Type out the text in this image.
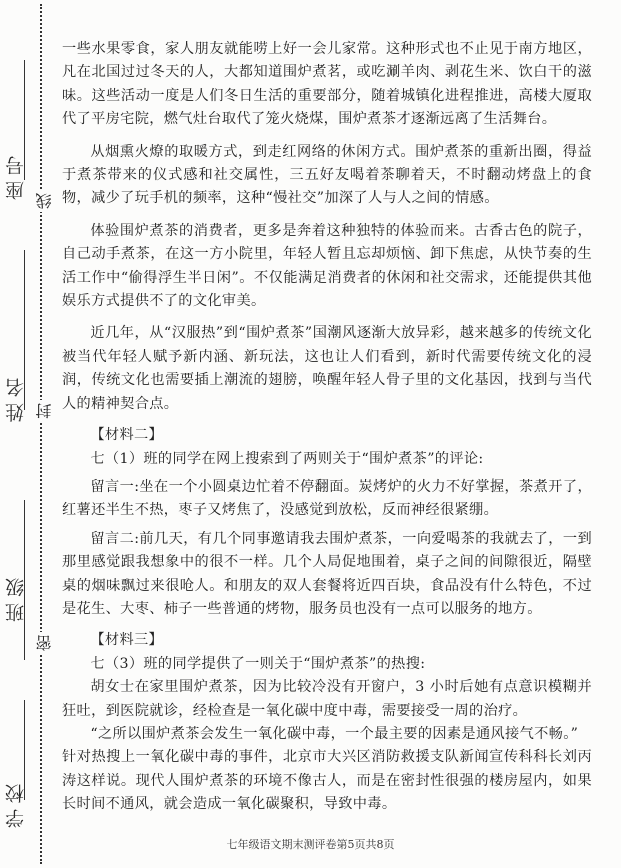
座号
姓名
班级
学校
线
封
密

一些水果零食，家人朋友就能唠上好一会儿家常。这种形式也不止见于南方地区，凡在北国过过冬天的人，大都知道围炉煮茗，或吃涮羊肉、剥花生米、饮白干的滋味。这些活动一度是人们冬日生活的重要部分，随着城镇化进程推进，高楼大厦取代了平房宅院，燃气灶台取代了笼火烧煤，围炉煮茶才逐渐远离了生活舞台。

从烟熏火燎的取暖方式，到走红网络的休闲方式。围炉煮茶的重新出圈，得益于煮茶带来的仪式感和社交属性，三五好友喝着茶聊着天，不时翻动烤盘上的食物，减少了玩手机的频率，这种“慢社交”加深了人与人之间的情感。

体验围炉煮茶的消费者，更多是奔着这种独特的体验而来。古香古色的院子，自己动手煮茶，在这一方小院里，年轻人暂且忘却烦恼、卸下焦虑，从快节奏的生活工作中“偷得浮生半日闲”。不仅能满足消费者的休闲和社交需求，还能提供其他娱乐方式提供不了的文化审美。

近几年，从“汉服热”到“围炉煮茶”国潮风逐渐大放异彩，越来越多的传统文化被当代年轻人赋予新内涵、新玩法，这也让人们看到，新时代需要传统文化的浸润，传统文化也需要插上潮流的翅膀，唤醒年轻人骨子里的文化基因，找到与当代人的精神契合点。

【材料二】

七（1）班的同学在网上搜索到了两则关于“围炉煮茶”的评论:

留言一:坐在一个小圆桌边忙着不停翻面。炭烤炉的火力不好掌握，茶煮开了，红薯还半生不热，枣子又烤焦了，没感觉到放松，反而神经很紧绷。

留言二:前几天，有几个同事邀请我去围炉煮茶，一向爱喝茶的我就去了，一到那里感觉跟我想象中的很不一样。几个人局促地围着，桌子之间的间隙很近，隔壁桌的烟味飘过来很呛人。和朋友的双人套餐将近四百块，食品没有什么特色，不过是花生、大枣、柿子一些普通的烤物，服务员也没有一点可以服务的地方。

【材料三】

七（3）班的同学提供了一则关于“围炉煮茶”的热搜:

胡女士在家里围炉煮茶，因为比较冷没有开窗户，3 小时后她有点意识模糊并狂吐，到医院就诊，经检查是一氧化碳中度中毒，需要接受一周的治疗。

“之所以围炉煮茶会发生一氧化碳中毒，一个最主要的因素是通风接气不畅。”

针对热搜上一氧化碳中毒的事件，北京市大兴区消防救援支队新闻宣传科科长刘丙涛这样说。现代人围炉煮茶的环境不像古人，而是在密封性很强的楼房屋内，如果长时间不通风，就会造成一氧化碳聚积，导致中毒。

七年级语文期末测评卷第5页共8页
